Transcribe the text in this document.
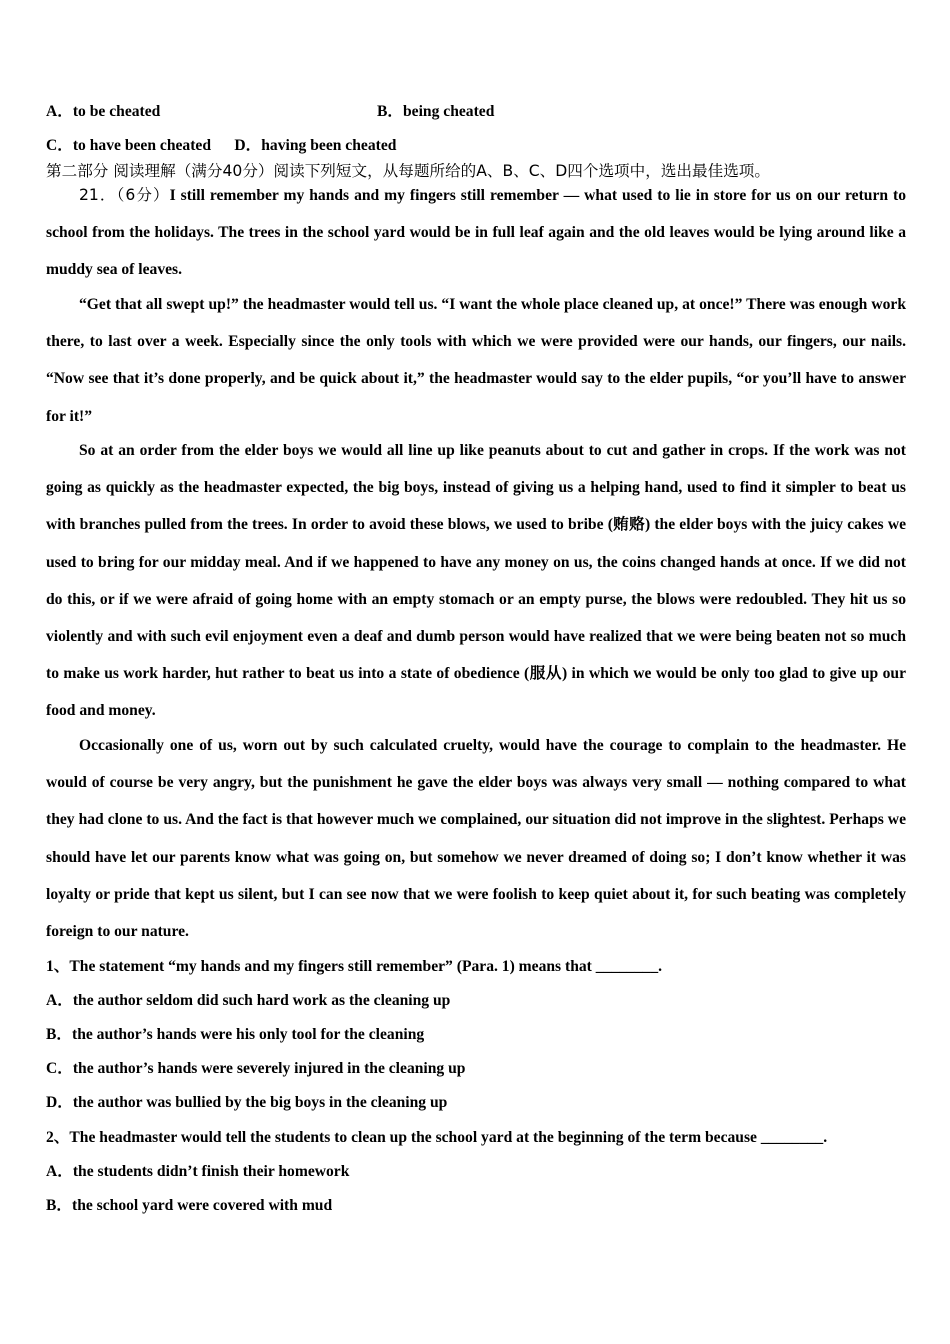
A．to be cheated	B．being cheated
C．to have been cheated      D．having been cheated
第二部分 阅读理解（满分40分）阅读下列短文，从每题所给的A、B、C、D四个选项中，选出最佳选项。
21．（6分）I still remember my hands and my fingers still remember — what used to lie in store for us on our return to school from the holidays. The trees in the school yard would be in full leaf again and the old leaves would be lying around like a muddy sea of leaves.
“Get that all swept up!” the headmaster would tell us. “I want the whole place cleaned up, at once!” There was enough work there, to last over a week. Especially since the only tools with which we were provided were our hands, our fingers, our nails. “Now see that it’s done properly, and be quick about it,” the headmaster would say to the elder pupils, “or you’ll have to answer for it!”
So at an order from the elder boys we would all line up like peanuts about to cut and gather in crops. If the work was not going as quickly as the headmaster expected, the big boys, instead of giving us a helping hand, used to find it simpler to beat us with branches pulled from the trees. In order to avoid these blows, we used to bribe (贿赂) the elder boys with the juicy cakes we used to bring for our midday meal. And if we happened to have any money on us, the coins changed hands at once. If we did not do this, or if we were afraid of going home with an empty stomach or an empty purse, the blows were redoubled. They hit us so violently and with such evil enjoyment even a deaf and dumb person would have realized that we were being beaten not so much to make us work harder, hut rather to beat us into a state of obedience (服从) in which we would be only too glad to give up our food and money.
Occasionally one of us, worn out by such calculated cruelty, would have the courage to complain to the headmaster. He would of course be very angry, but the punishment he gave the elder boys was always very small — nothing compared to what they had clone to us. And the fact is that however much we complained, our situation did not improve in the slightest. Perhaps we should have let our parents know what was going on, but somehow we never dreamed of doing so; I don’t know whether it was loyalty or pride that kept us silent, but I can see now that we were foolish to keep quiet about it, for such beating was completely foreign to our nature.
1、The statement “my hands and my fingers still remember” (Para. 1) means that ________.
A．the author seldom did such hard work as the cleaning up
B．the author’s hands were his only tool for the cleaning
C．the author’s hands were severely injured in the cleaning up
D．the author was bullied by the big boys in the cleaning up
2、The headmaster would tell the students to clean up the school yard at the beginning of the term because ________.
A．the students didn’t finish their homework
B．the school yard were covered with mud
